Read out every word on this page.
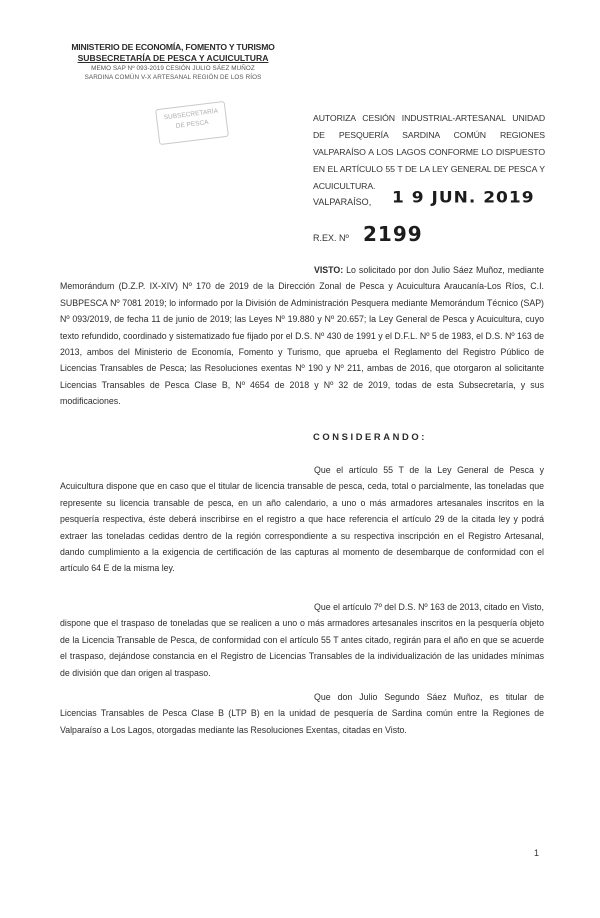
MINISTERIO DE ECONOMÍA, FOMENTO Y TURISMO
SUBSECRETARÍA DE PESCA Y ACUICULTURA
MEMO SAP Nº 093-2019 CESIÓN JULIO SÁEZ MUÑOZ
SARDINA COMÚN V-X ARTESANAL REGIÓN DE LOS RÍOS
SUBSECRETARÍA
DE PESCA
AUTORIZA CESIÓN INDUSTRIAL-ARTESANAL UNIDAD DE PESQUERÍA SARDINA COMÚN REGIONES VALPARAÍSO A LOS LAGOS CONFORME LO DISPUESTO EN EL ARTÍCULO 55 T DE LA LEY GENERAL DE PESCA Y ACUICULTURA.
VALPARAÍSO, 1 9 JUN. 2019
R.EX. Nº 2199
VISTO: Lo solicitado por don Julio Sáez Muñoz, mediante Memorándum (D.Z.P. IX-XIV) Nº 170 de 2019 de la Dirección Zonal de Pesca y Acuicultura Araucanía-Los Ríos, C.I. SUBPESCA Nº 7081 2019; lo informado por la División de Administración Pesquera mediante Memorándum Técnico (SAP) Nº 093/2019, de fecha 11 de junio de 2019; las Leyes Nº 19.880 y Nº 20.657; la Ley General de Pesca y Acuicultura, cuyo texto refundido, coordinado y sistematizado fue fijado por el D.S. Nº 430 de 1991 y el D.F.L. Nº 5 de 1983, el D.S. Nº 163 de 2013, ambos del Ministerio de Economía, Fomento y Turismo, que aprueba el Reglamento del Registro Público de Licencias Transables de Pesca; las Resoluciones exentas Nº 190 y Nº 211, ambas de 2016, que otorgaron al solicitante Licencias Transables de Pesca Clase B, Nº 4654 de 2018 y Nº 32 de 2019, todas de esta Subsecretaría, y sus modificaciones.
CONSIDERANDO:
Que el artículo 55 T de la Ley General de Pesca y Acuicultura dispone que en caso que el titular de licencia transable de pesca, ceda, total o parcialmente, las toneladas que represente su licencia transable de pesca, en un año calendario, a uno o más armadores artesanales inscritos en la pesquería respectiva, éste deberá inscribirse en el registro a que hace referencia el artículo 29 de la citada ley y podrá extraer las toneladas cedidas dentro de la región correspondiente a su respectiva inscripción en el Registro Artesanal, dando cumplimiento a la exigencia de certificación de las capturas al momento de desembarque de conformidad con el artículo 64 E de la misma ley.
Que el artículo 7º del D.S. Nº 163 de 2013, citado en Visto, dispone que el traspaso de toneladas que se realicen a uno o más armadores artesanales inscritos en la pesquería objeto de la Licencia Transable de Pesca, de conformidad con el artículo 55 T antes citado, regirán para el año en que se acuerde el traspaso, dejándose constancia en el Registro de Licencias Transables de la individualización de las unidades mínimas de división que dan origen al traspaso.
Que don Julio Segundo Sáez Muñoz, es titular de Licencias Transables de Pesca Clase B (LTP B) en la unidad de pesquería de Sardina común entre la Regiones de Valparaíso a Los Lagos, otorgadas mediante las Resoluciones Exentas, citadas en Visto.
1
